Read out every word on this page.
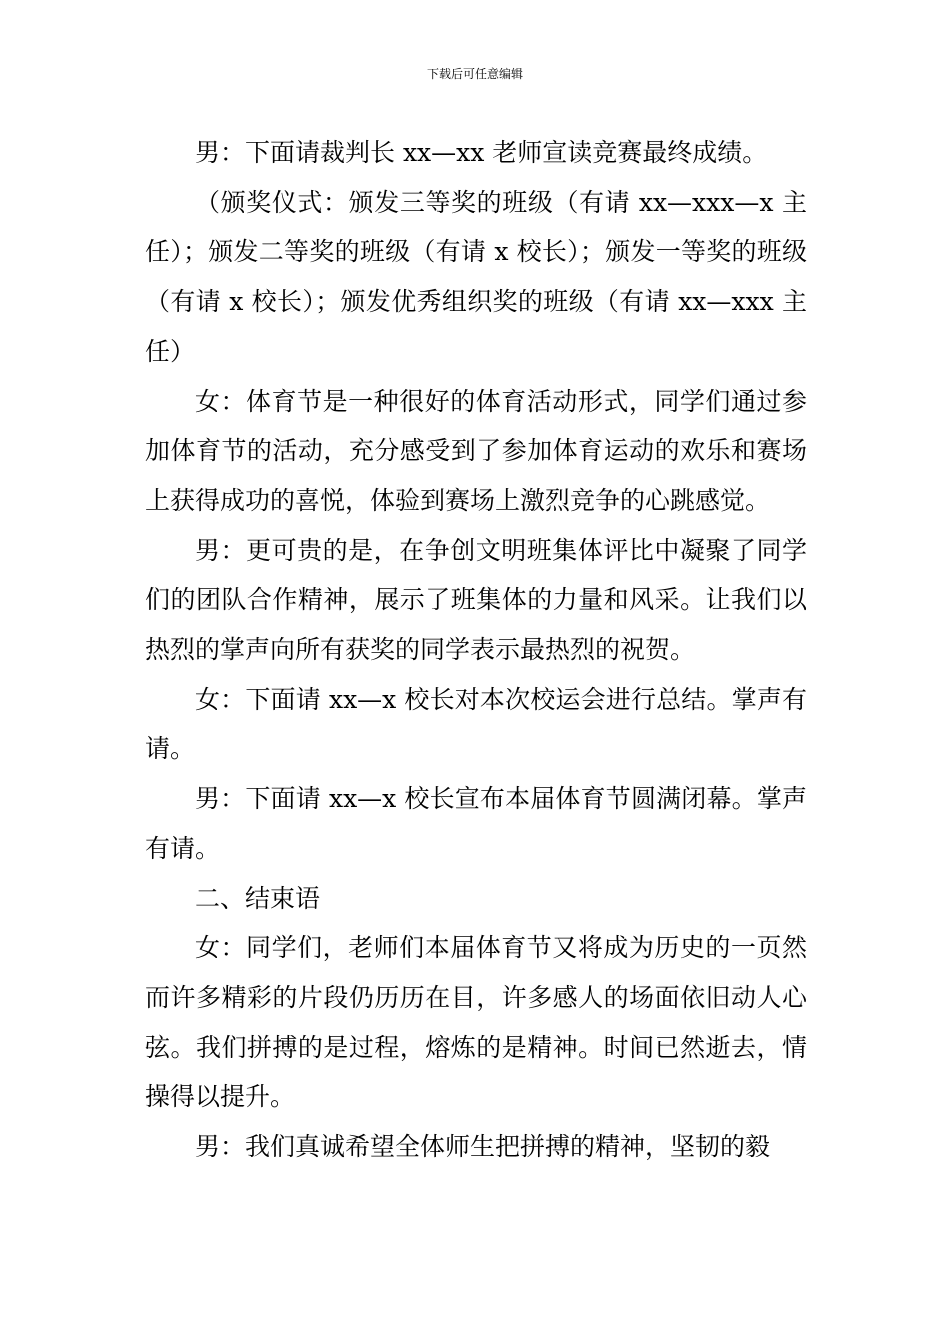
下载后可任意编辑

男：下面请裁判长 xx—xx 老师宣读竞赛最终成绩。

（颁奖仪式：颁发三等奖的班级（有请 xx—xxx—x 主任）；颁发二等奖的班级（有请 x 校长）；颁发一等奖的班级（有请 x 校长）；颁发优秀组织奖的班级（有请 xx—xxx 主任）

女：体育节是一种很好的体育活动形式，同学们通过参加体育节的活动，充分感受到了参加体育运动的欢乐和赛场上获得成功的喜悦，体验到赛场上激烈竞争的心跳感觉。

男：更可贵的是，在争创文明班集体评比中凝聚了同学们的团队合作精神，展示了班集体的力量和风采。让我们以热烈的掌声向所有获奖的同学表示最热烈的祝贺。

女：下面请 xx—x 校长对本次校运会进行总结。掌声有请。

男：下面请 xx—x 校长宣布本届体育节圆满闭幕。掌声有请。

二、结束语

女：同学们，老师们本届体育节又将成为历史的一页然而许多精彩的片段仍历历在目，许多感人的场面依旧动人心弦。我们拼搏的是过程，熔炼的是精神。时间已然逝去，情操得以提升。

男：我们真诚希望全体师生把拼搏的精神，坚韧的毅
